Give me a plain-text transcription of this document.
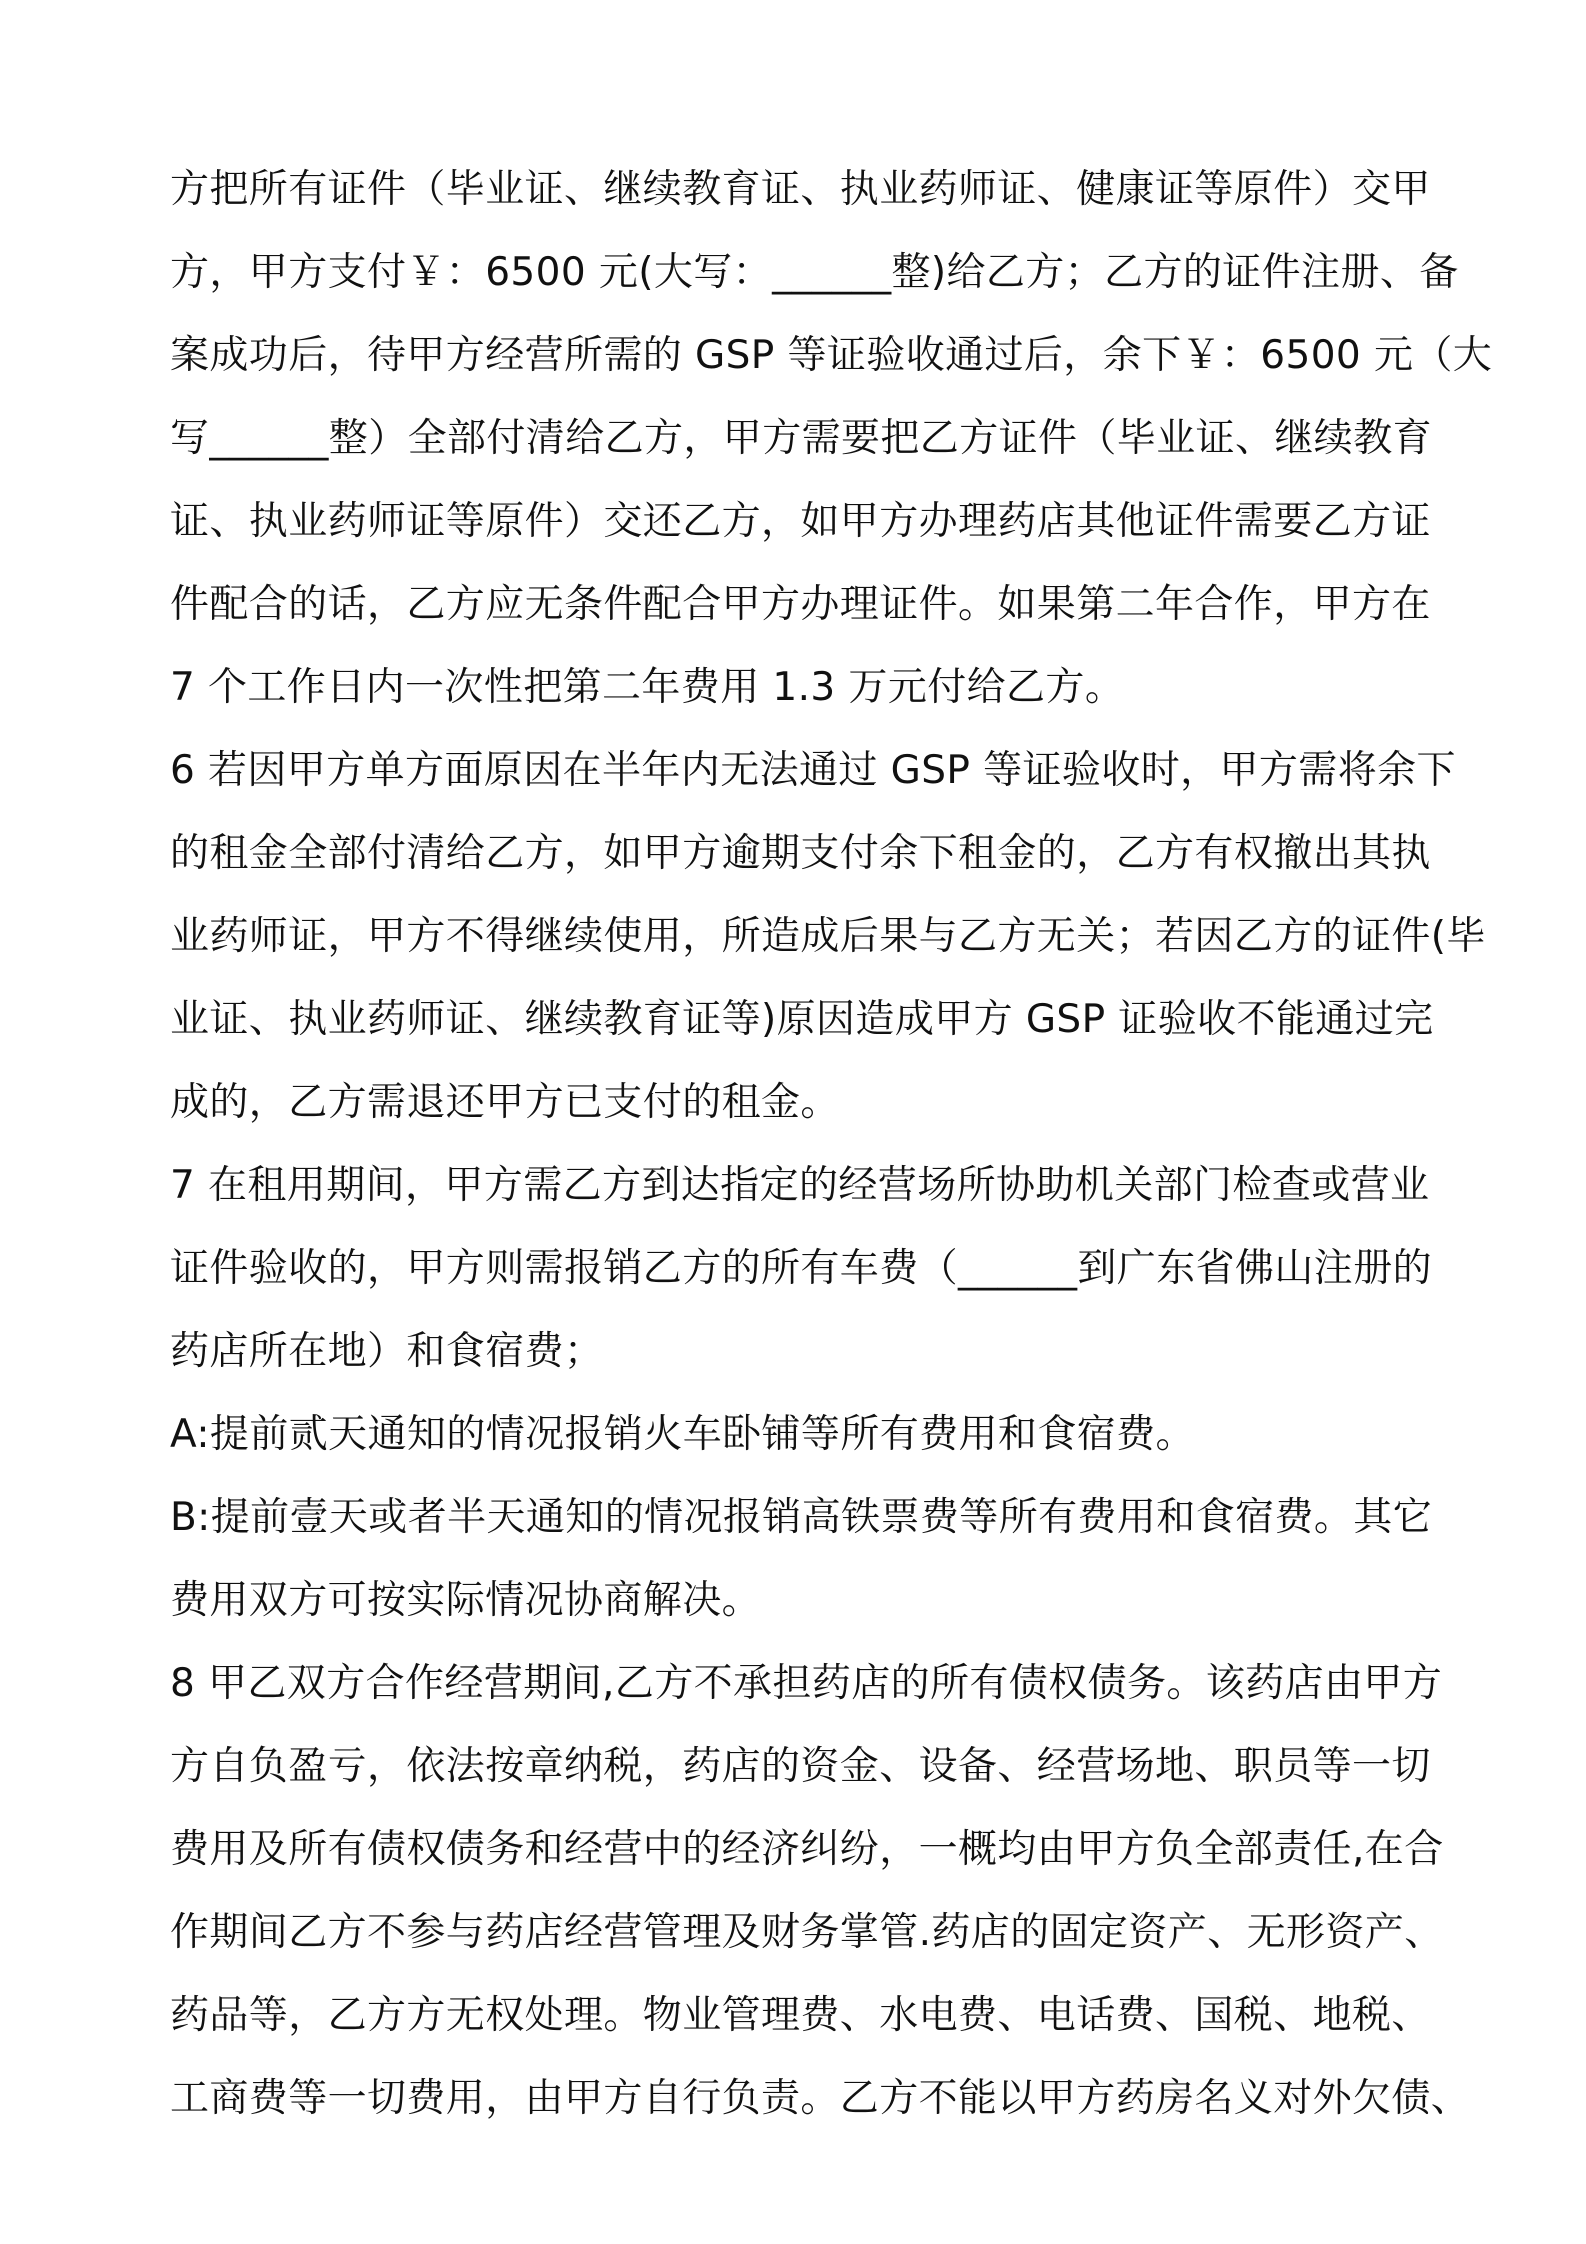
方把所有证件（毕业证、继续教育证、执业药师证、健康证等原件）交甲
方，甲方支付￥：6500 元(大写：______整)给乙方；乙方的证件注册、备
案成功后，待甲方经营所需的 GSP 等证验收通过后，余下￥：6500 元（大
写______整）全部付清给乙方，甲方需要把乙方证件（毕业证、继续教育
证、执业药师证等原件）交还乙方，如甲方办理药店其他证件需要乙方证
件配合的话，乙方应无条件配合甲方办理证件。如果第二年合作，甲方在
7 个工作日内一次性把第二年费用 1.3 万元付给乙方。
6 若因甲方单方面原因在半年内无法通过 GSP 等证验收时，甲方需将余下
的租金全部付清给乙方，如甲方逾期支付余下租金的，乙方有权撤出其执
业药师证，甲方不得继续使用，所造成后果与乙方无关；若因乙方的证件(毕
业证、执业药师证、继续教育证等)原因造成甲方 GSP 证验收不能通过完
成的，乙方需退还甲方已支付的租金。
7 在租用期间，甲方需乙方到达指定的经营场所协助机关部门检查或营业
证件验收的，甲方则需报销乙方的所有车费（______到广东省佛山注册的
药店所在地）和食宿费；
A:提前贰天通知的情况报销火车卧铺等所有费用和食宿费。
B:提前壹天或者半天通知的情况报销高铁票费等所有费用和食宿费。其它
费用双方可按实际情况协商解决。
8 甲乙双方合作经营期间,乙方不承担药店的所有债权债务。该药店由甲方
方自负盈亏，依法按章纳税，药店的资金、设备、经营场地、职员等一切
费用及所有债权债务和经营中的经济纠纷，一概均由甲方负全部责任,在合
作期间乙方不参与药店经营管理及财务掌管.药店的固定资产、无形资产、
药品等，乙方方无权处理。物业管理费、水电费、电话费、国税、地税、
工商费等一切费用，由甲方自行负责。乙方不能以甲方药房名义对外欠债、
